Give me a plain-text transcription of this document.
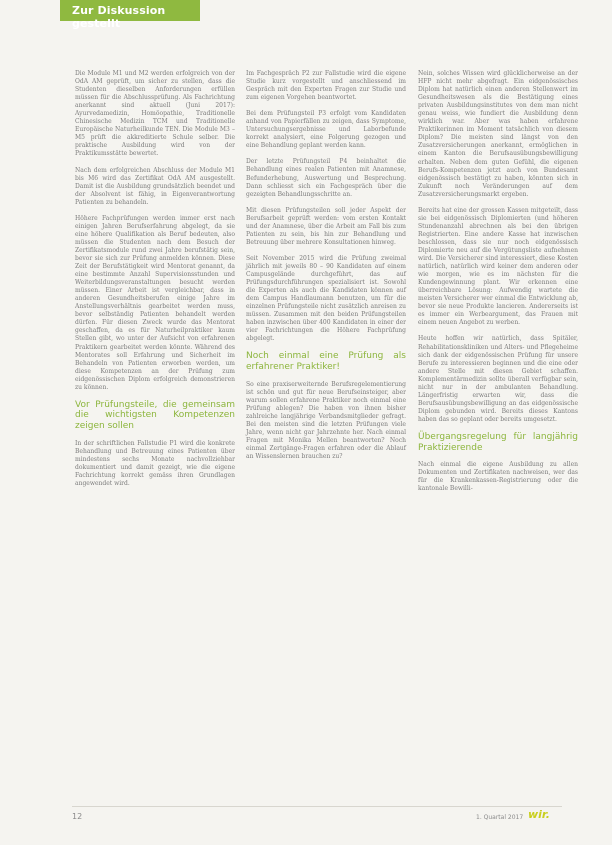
Zur Diskussion gestellt

Die Module M1 und M2 werden erfolgreich von der OdA AM geprüft, um sicher zu stellen, dass die Studenten dieselben Anforderungen erfüllen müssen für die Abschlussprüfung. Als Fachrichtung anerkannt sind aktuell (Juni 2017): Ayurvedamedizin, Homöopathie, Traditionelle Chinesische Medizin TCM und Traditionelle Europäische Naturheilkunde TEN. Die Module M3 – M5 prüft die akkreditierte Schule selber. Die praktische Ausbildung wird von der Praktikumsstätte bewertet.

Nach dem erfolgreichen Abschluss der Module M1 bis M6 wird das Zertifikat OdA AM ausgestellt. Damit ist die Ausbildung grundsätzlich beendet und der Absolvent ist fähig, in Eigenverantwortung Patienten zu behandeln.

Höhere Fachprüfungen werden immer erst nach einigen Jahren Berufserfahrung abgelegt, da sie eine höhere Qualifikation als Beruf bedeuten, also müssen die Studenten nach dem Besuch der Zertifikatsmodule rund zwei Jahre berufstätig sein, bevor sie sich zur Prüfung anmelden können. Diese Zeit der Berufstätigkeit wird Mentorat genannt, da eine bestimmte Anzahl Supervisionsstunden und Weiterbildungsveranstaltungen besucht werden müssen. Einer Arbeit ist vergleichbar, dass in anderen Gesundheitsberufen einige Jahre im Anstellungsverhältnis gearbeitet werden muss, bevor selbständig Patienten behandelt werden dürfen. Für diesen Zweck wurde das Mentorat geschaffen, da es für Naturheilpraktiker kaum Stellen gibt, wo unter der Aufsicht von erfahrenen Praktikern gearbeitet werden könnte. Während des Mentorates soll Erfahrung und Sicherheit im Behandeln von Patienten erworben werden, um diese Kompetenzen an der Prüfung zum eidgenössischen Diplom erfolgreich demonstrieren zu können.

Vor Prüfungsteile, die gemeinsam die wichtigsten Kompetenzen zeigen sollen

In der schriftlichen Fallstudie P1 wird die konkrete Behandlung und Betreuung eines Patienten über mindestens sechs Monate nachvollziehbar dokumentiert und damit gezeigt, wie die eigene Fachrichtung korrekt gemäss ihren Grundlagen angewendet wird.

Im Fachgespräch P2 zur Fallstudie wird die eigene Studie kurz vorgestellt und anschliessend im Gespräch mit den Experten Fragen zur Studie und zum eigenen Vorgehen beantwortet.

Bei dem Prüfungsteil P3 erfolgt vom Kandidaten anhand von Papierfällen zu zeigen, dass Symptome, Untersuchungsergebnisse und Laborbefunde korrekt analysiert, eine Folgerung gezogen und eine Behandlung geplant werden kann.

Der letzte Prüfungsteil P4 beinhaltet die Behandlung eines realen Patienten mit Anamnese, Befunderhebung, Auswertung und Besprechung. Dann schliesst sich ein Fachgespräch über die gezeigten Behandlungsschritte an.

Mit diesen Prüfungsteilen soll jeder Aspekt der Berufsarbeit geprüft werden: vom ersten Kontakt und der Anamnese, über die Arbeit am Fall bis zum Patienten zu sein, bis hin zur Behandlung und Betreuung über mehrere Konsultationen hinweg.

Seit November 2015 wird die Prüfung zweimal jährlich mit jeweils 80 – 90 Kandidaten auf einem Campusgelände durchgeführt, das auf Prüfungsdurchführungen spezialisiert ist. Sowohl die Experten als auch die Kandidaten können auf dem Campus Handlaumann benutzen, um für die einzelnen Prüfungsteile nicht zusätzlich anreisen zu müssen. Zusammen mit den beiden Prüfungsteilen haben inzwischen über 400 Kandidaten in einer der vier Fachrichtungen die Höhere Fachprüfung abgelegt.

Noch einmal eine Prüfung als erfahrener Praktiker!

So eine praxiserweiternde Berufsregelementierung ist schön und gut für neue Berufseinsteiger, aber warum sollen erfahrene Praktiker noch einmal eine Prüfung ablegen? Die haben von ihnen bisher zahlreiche langjährige Verbandsmitglieder gefragt. Bei den meisten sind die letzten Prüfungen viele Jahre, wenn nicht gar Jahrzehnte her. Nach einmal Fragen mit Monika Mellen beantworten? Noch einmal Zertgänge-Fragen erfahren oder die Ablauf an Wissenslernen brauchen zu?

Nein, solches Wissen wird glücklicherweise an der HFP nicht mehr abgefragt. Ein eidgenössisches Diplom hat natürlich einen anderen Stellenwert im Gesundheitswesen als die Bestätigung eines privaten Ausbildungsinstitutes von dem man nicht genau weiss, wie fundiert die Ausbildung denn wirklich war. Aber was haben erfahrene Praktikerinnen im Moment tatsächlich von diesem Diplom? Die meisten sind längst von den Zusatzversicherungen anerkannt, ermöglichen in einem Kanton die Berufsausübungsbewilligung erhalten. Neben dem guten Gefühl, die eigenen Berufs-Kompetenzen jetzt auch von Bundesamt eidgenössisch bestätigt zu haben, könnten sich in Zukunft noch Veränderungen auf dem Zusatzversicherungsmarkt ergeben.

Bereits hat eine der grossen Kassen mitgeteilt, dass sie bei eidgenössisch Diplomierten (und höheren Stundenanzahl abrechnen als bei den übrigen Registrierten. Eine andere Kasse hat inzwischen beschlossen, dass sie nur noch eidgenössisch Diplomierte neu auf die Vergütungsliste aufnehmen wird. Die Versicherer sind interessiert, diese Kosten natürlich, natürlich wird keiner dem anderen oder wie morgen, wie es im nächsten für die Kundengewinnung plant. Wir erkennen eine überreichbare Lösung: Aufwendig wartete die meisten Versicherer wer einmal die Entwicklung ab, bevor sie neue Produkte lancieren. Andererseits ist es immer ein Werbeargument, das Frauen mit einem neuen Angebot zu werben.

Heute hoffen wir natürlich, dass Spitäler, Rehabilitationskliniken und Alters- und Pflegeheime sich dank der eidgenössischen Prüfung für unsere Berufe zu interessieren beginnen und die eine oder andere Stelle mit diesen Gebiet schaffen. Komplementärmedizin sollte überall verfügbar sein, nicht nur in der ambulanten Behandlung. Längerfristig erwarten wir, dass die Berufsausübungsbewilligung an das eidgenössische Diplom gebunden wird. Bereits dieses Kantons haben das so geplant oder bereits umgesetzt.

Übergangsregelung für langjährig Praktizierende

Nach einmal die eigene Ausbildung zu allen Dokumenten und Zertifikaten nachweisen, wer das für die Krankenkassen-Registrierung oder die kantonale Bewilli-

12	1. Quartal 2017 wir.
